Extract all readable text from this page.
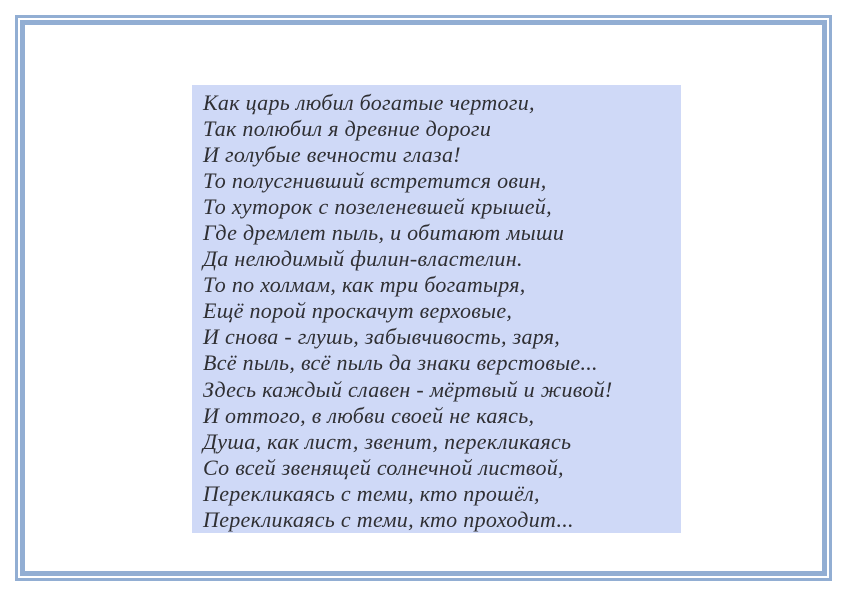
Как царь любил богатые чертоги,
Так полюбил я древние дороги
И голубые вечности глаза!
То полусгнивший встретится овин,
То хуторок с позеленевшей крышей,
Где дремлет пыль, и обитают мыши
Да нелюдимый филин-властелин.
То по холмам, как три богатыря,
Ещё порой проскачут верховые,
И снова - глушь, забывчивость, заря,
Всё пыль, всё пыль да знаки верстовые...
Здесь каждый славен - мёртвый и живой!
И оттого, в любви своей не каясь,
Душа, как лист, звенит, перекликаясь
Со всей звенящей солнечной листвой,
Перекликаясь с теми, кто прошёл,
Перекликаясь с теми, кто проходит...
